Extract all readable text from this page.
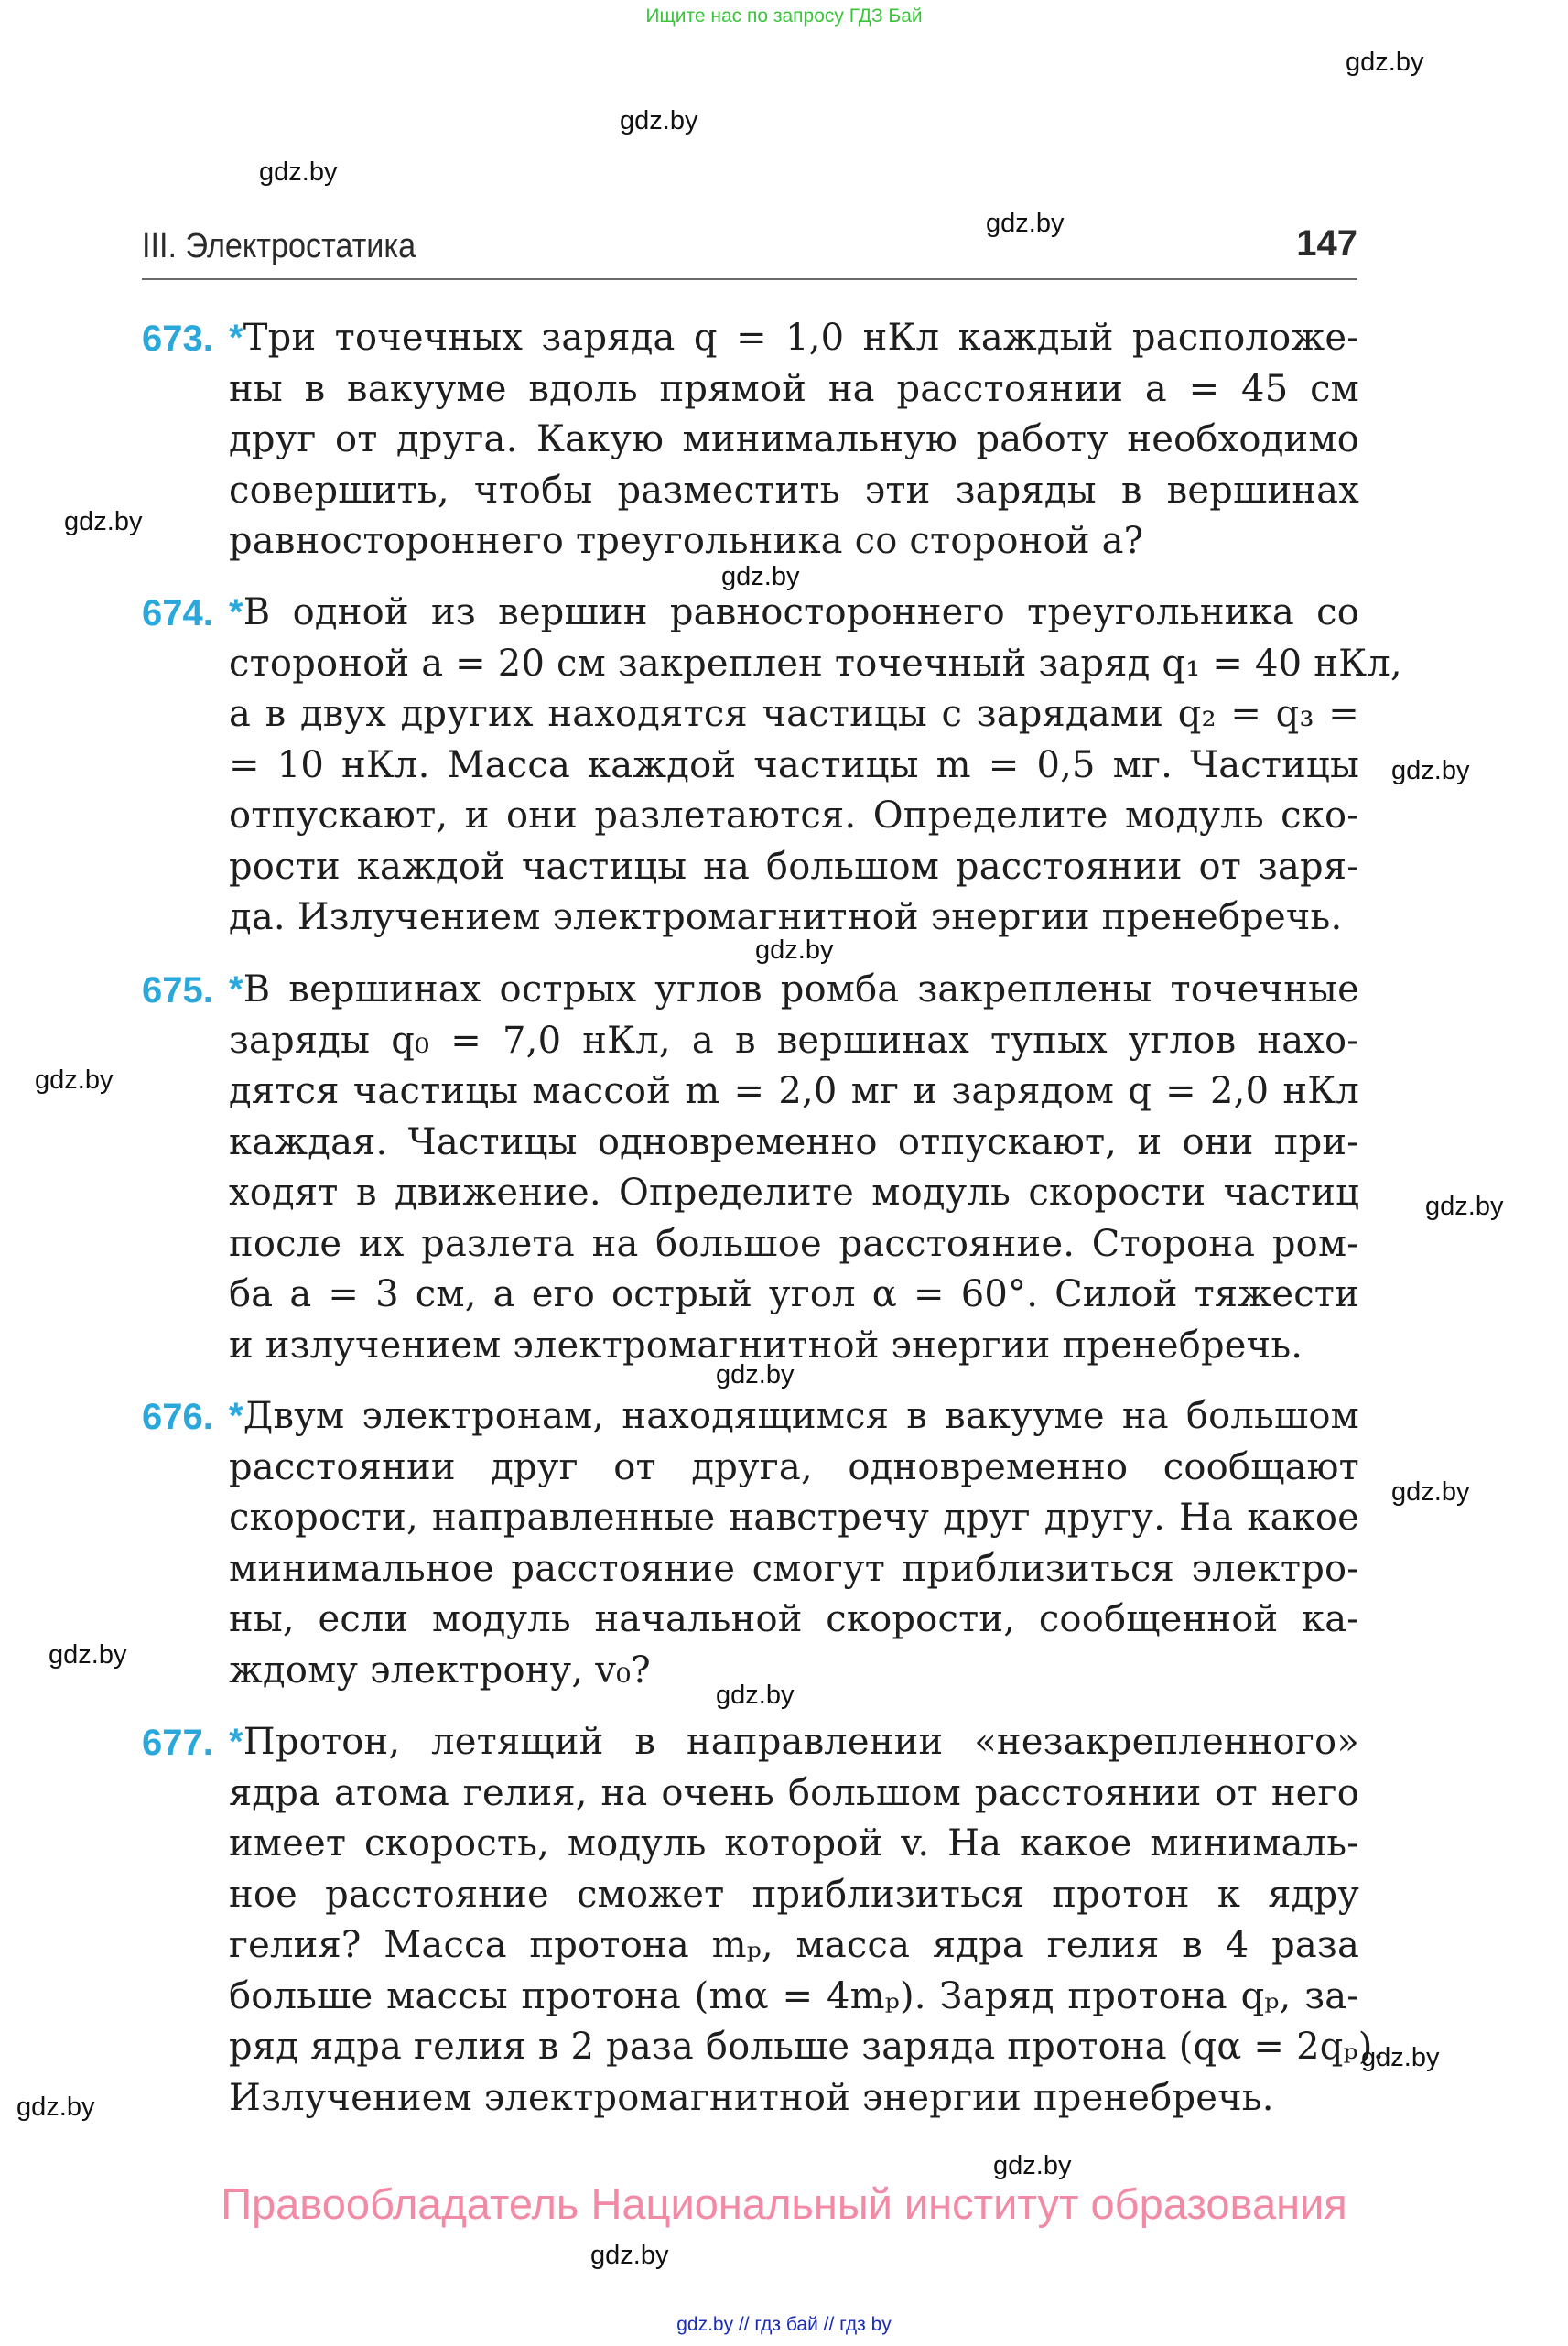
Ищите нас по запросу ГДЗ Бай
gdz.by
gdz.by
gdz.by
gdz.by
gdz.by
gdz.by
gdz.by
gdz.by
gdz.by
gdz.by
gdz.by
gdz.by
gdz.by
gdz.by
gdz.by
gdz.by
gdz.by
gdz.by
III. Электростатика	147
673. *Три точечных заряда q = 1,0 нКл каждый расположе-
ны в вакууме вдоль прямой на расстоянии a = 45 см
друг от друга. Какую минимальную работу необходимо
совершить, чтобы разместить эти заряды в вершинах
равностороннего треугольника со стороной a?
674. *В одной из вершин равностороннего треугольника со
стороной a = 20 см закреплен точечный заряд q₁ = 40 нКл,
а в двух других находятся частицы с зарядами q₂ = q₃ =
= 10 нКл. Масса каждой частицы m = 0,5 мг. Частицы
отпускают, и они разлетаются. Определите модуль ско-
рости каждой частицы на большом расстоянии от заря-
да. Излучением электромагнитной энергии пренебречь.
675. *В вершинах острых углов ромба закреплены точечные
заряды q₀ = 7,0 нКл, а в вершинах тупых углов нахо-
дятся частицы массой m = 2,0 мг и зарядом q = 2,0 нКл
каждая. Частицы одновременно отпускают, и они при-
ходят в движение. Определите модуль скорости частиц
после их разлета на большое расстояние. Сторона ром-
ба a = 3 см, а его острый угол α = 60°. Силой тяжести
и излучением электромагнитной энергии пренебречь.
676. *Двум электронам, находящимся в вакууме на большом
расстоянии друг от друга, одновременно сообщают
скорости, направленные навстречу друг другу. На какое
минимальное расстояние смогут приблизиться электро-
ны, если модуль начальной скорости, сообщенной ка-
ждому электрону, v₀?
677. *Протон, летящий в направлении «незакрепленного»
ядра атома гелия, на очень большом расстоянии от него
имеет скорость, модуль которой v. На какое минималь-
ное расстояние сможет приблизиться протон к ядру
гелия? Масса протона mₚ, масса ядра гелия в 4 раза
больше массы протона (mα = 4mₚ). Заряд протона qₚ, за-
ряд ядра гелия в 2 раза больше заряда протона (qα = 2qₚ).
Излучением электромагнитной энергии пренебречь.
Правообладатель Национальный институт образования
gdz.by // гдз бай // гдз by
